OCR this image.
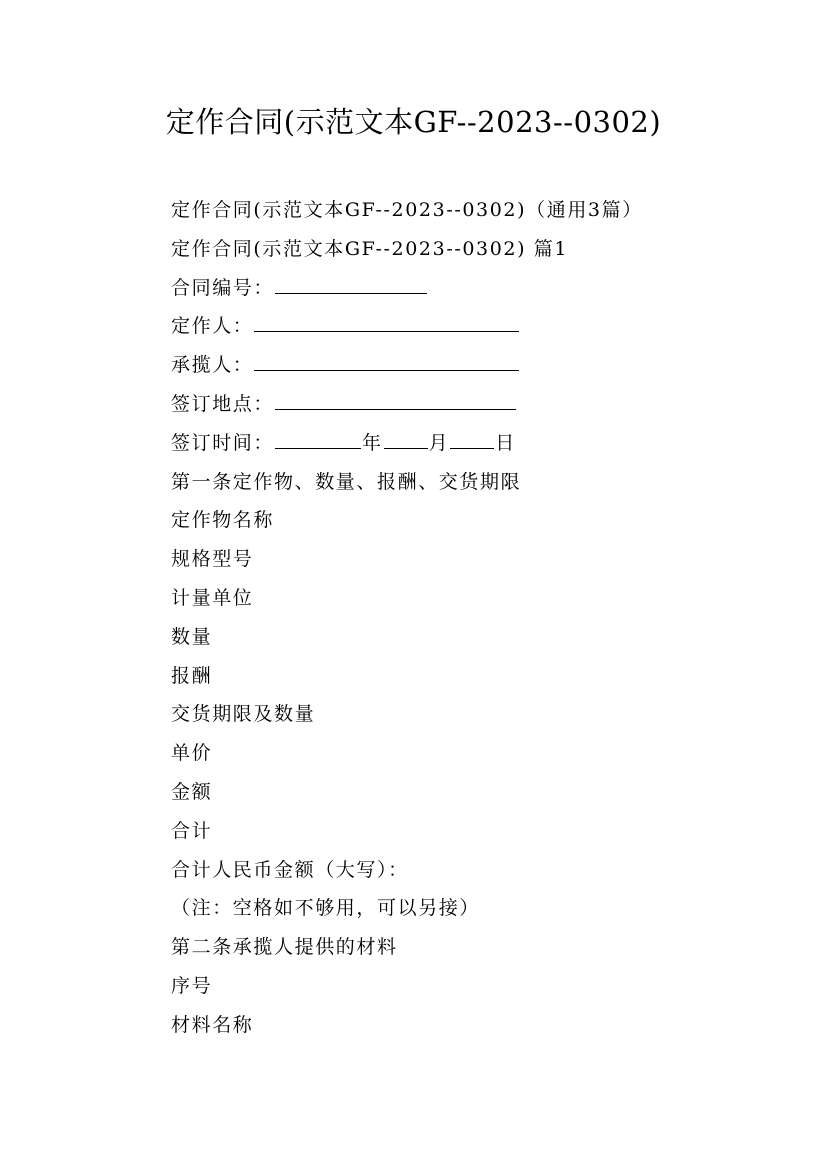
定作合同(示范文本GF--2023--0302)
定作合同(示范文本GF--2023--0302)（通用3篇）
定作合同(示范文本GF--2023--0302) 篇1
合同编号：
定作人：
承揽人：
签订地点：
签订时间：	年 月 日
第一条定作物、数量、报酬、交货期限
定作物名称
规格型号
计量单位
数量
报酬
交货期限及数量
单价
金额
合计
合计人民币金额（大写）：
（注：空格如不够用，可以另接）
第二条承揽人提供的材料
序号
材料名称
